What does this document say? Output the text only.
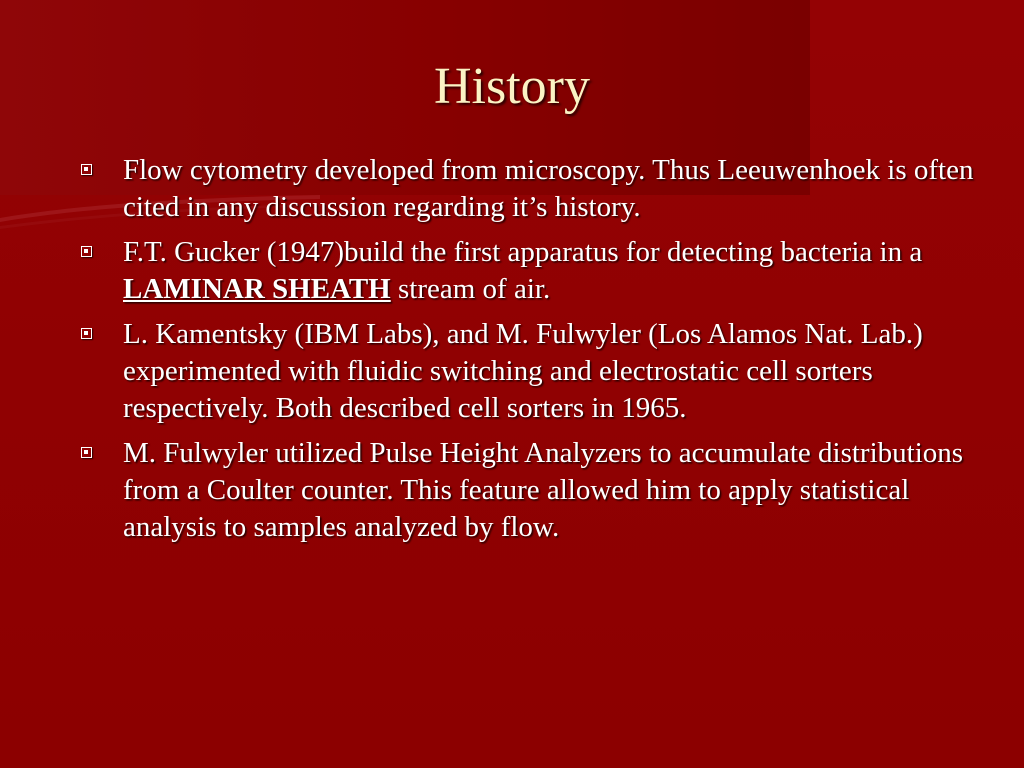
History
Flow cytometry developed from microscopy. Thus Leeuwenhoek is often cited in any discussion regarding it’s history.
F.T. Gucker (1947)build the first apparatus for detecting bacteria in a LAMINAR SHEATH stream of air.
L. Kamentsky (IBM Labs), and M. Fulwyler (Los Alamos Nat. Lab.) experimented with fluidic switching and electrostatic cell sorters respectively. Both described cell sorters in 1965.
M. Fulwyler utilized Pulse Height Analyzers to accumulate distributions from a Coulter counter. This feature allowed him to apply statistical analysis to samples analyzed by flow.
